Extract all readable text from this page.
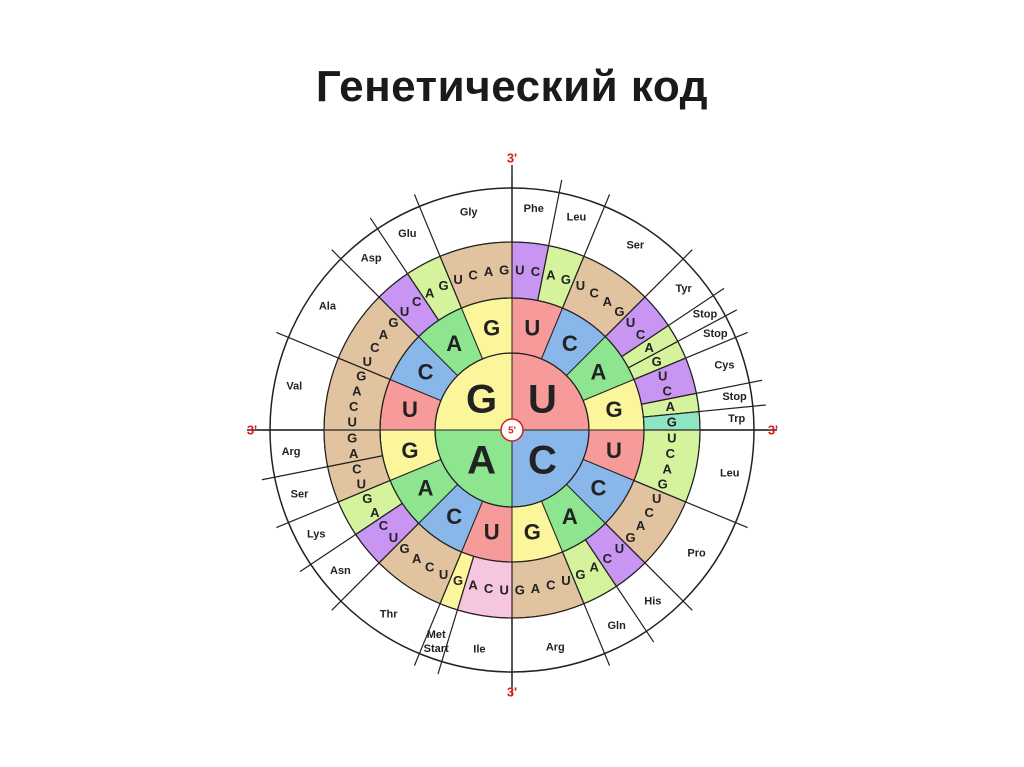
Генетический код
3'
3'
3'
3'	5'
U
U
U C
Phe
A G
Leu
C
U C
A
G
Ser
A
U
C
Tyr
A
Stop
G
Stop
G
U
C
Cys
A
Stop
G	Trp
C U	U
C
A
G
Leu
C	U
C
A
G
Pro
A
U
C
His
A
G
Gln
G
U
C
A
G
Arg
A
U
U
C
A
Ile
G
Met
Start
C
U
C
A
G
Thr
A
U
C
Asn
A
G
Lys
G
U
C
Ser
A
G
Arg
G
U
U
C
A
G
Val
C
U
C
A
G
Ala
A
U
C
Asp
A G
Glu
G
U C A G
Gly
